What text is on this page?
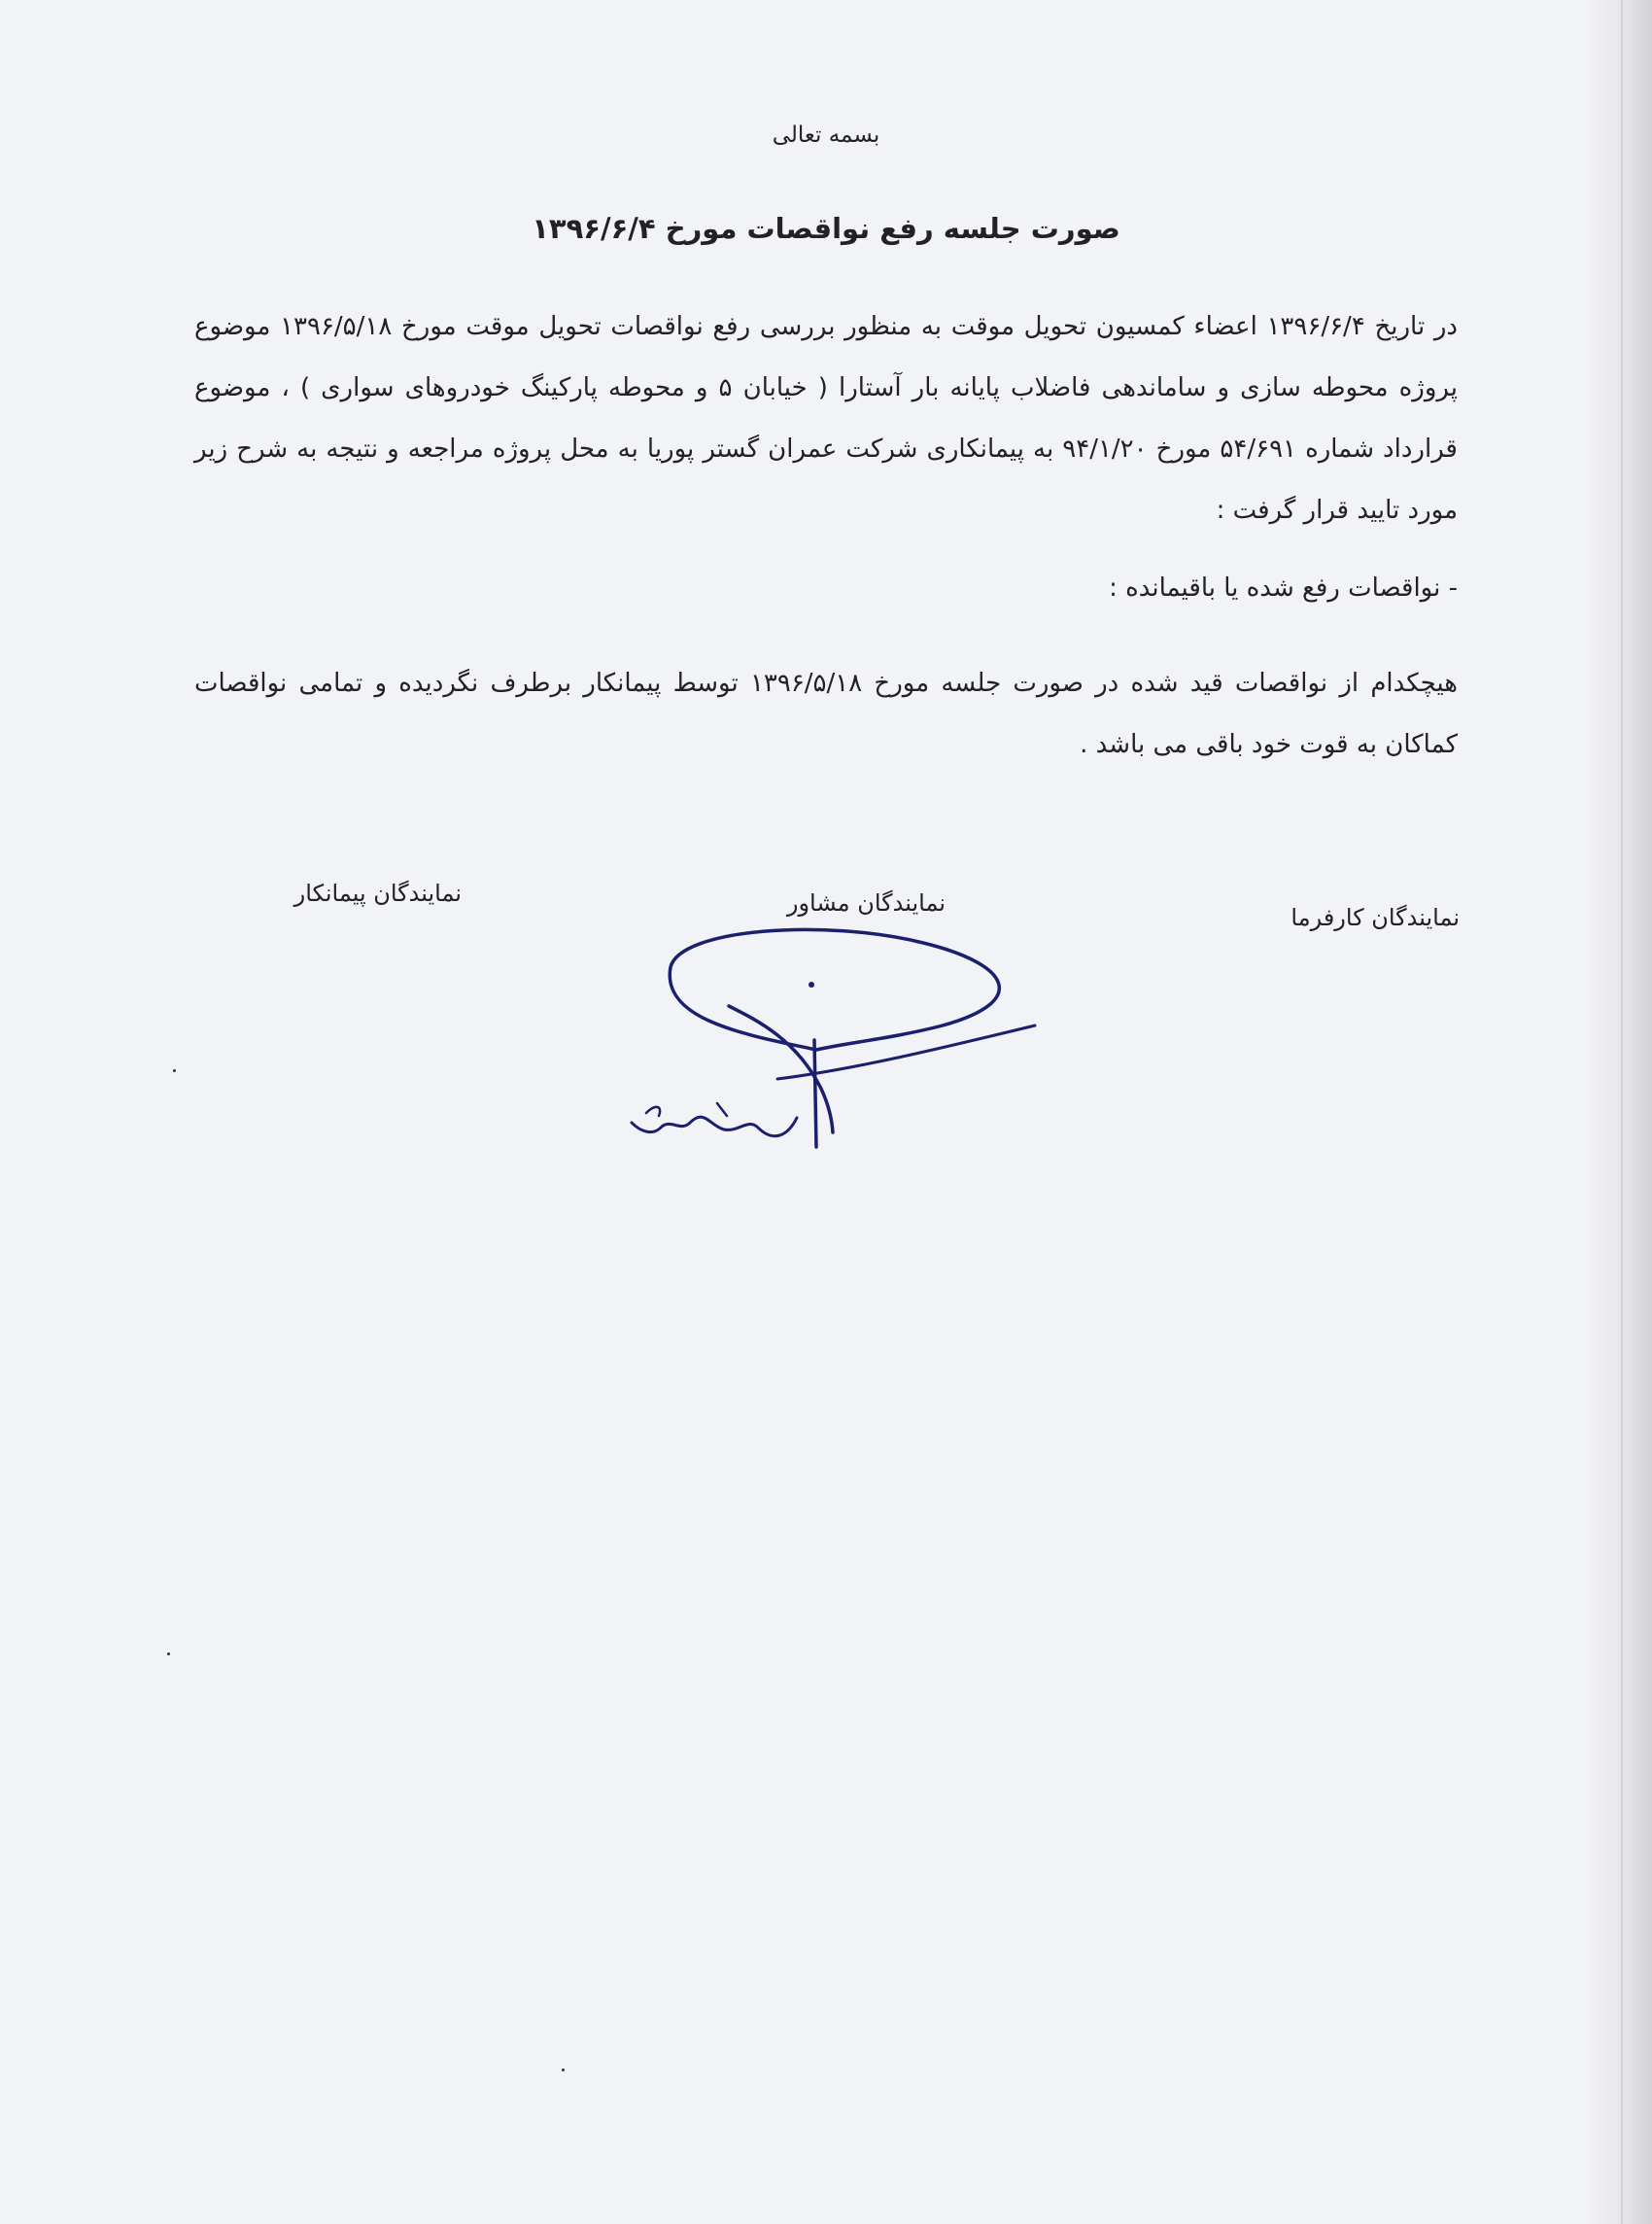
بسمه تعالی
صورت جلسه رفع نواقصات مورخ ۱۳۹۶/۶/۴
در تاریخ ۱۳۹۶/۶/۴ اعضاء کمسیون تحویل موقت به منظور بررسی رفع نواقصات تحویل موقت مورخ ۱۳۹۶/۵/۱۸ موضوع پروژه محوطه سازی و ساماندهی فاضلاب پایانه بار آستارا ( خیابان ۵ و محوطه پارکینگ خودروهای سواری ) ، موضوع قرارداد شماره ۵۴/۶۹۱ مورخ ۹۴/۱/۲۰ به پیمانکاری شرکت عمران گستر پوریا به محل پروژه مراجعه و نتیجه به شرح زیر مورد تایید قرار گرفت :
- نواقصات رفع شده یا باقیمانده :
هیچکدام از نواقصات قید شده در صورت جلسه مورخ ۱۳۹۶/۵/۱۸ توسط پیمانکار برطرف نگردیده و تمامی نواقصات کماکان به قوت خود باقی می باشد .
نمایندگان کارفرما
نمایندگان مشاور
نمایندگان پیمانکار
